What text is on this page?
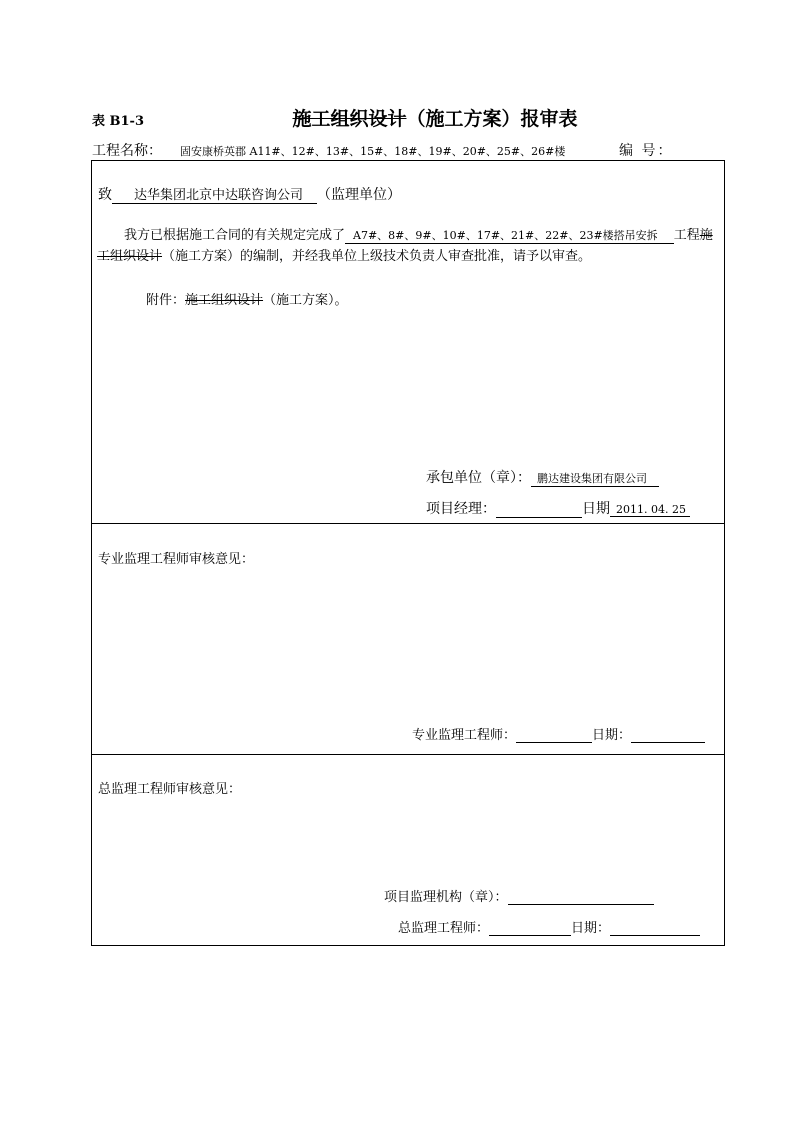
表 B1-3	施工组织设计（施工方案）报审表
工程名称： 固安康桥英郡 A11#、12#、13#、15#、18#、19#、20#、25#、26#楼	编 号：
致 达华集团北京中达联咨询公司 （监理单位）
我方已根据施工合同的有关规定完成了 A7#、8#、9#、10#、17#、21#、22#、23#楼搭吊安拆 工程施
工组织设计（施工方案）的编制，并经我单位上级技术负责人审查批准，请予以审查。
附件：施工组织设计（施工方案）。
承包单位（章）： 鹏达建设集团有限公司
项目经理：	日期 2011. 04. 25
专业监理工程师审核意见：
专业监理工程师：	日期：
总监理工程师审核意见：
项目监理机构（章）：
总监理工程师：	日期：
